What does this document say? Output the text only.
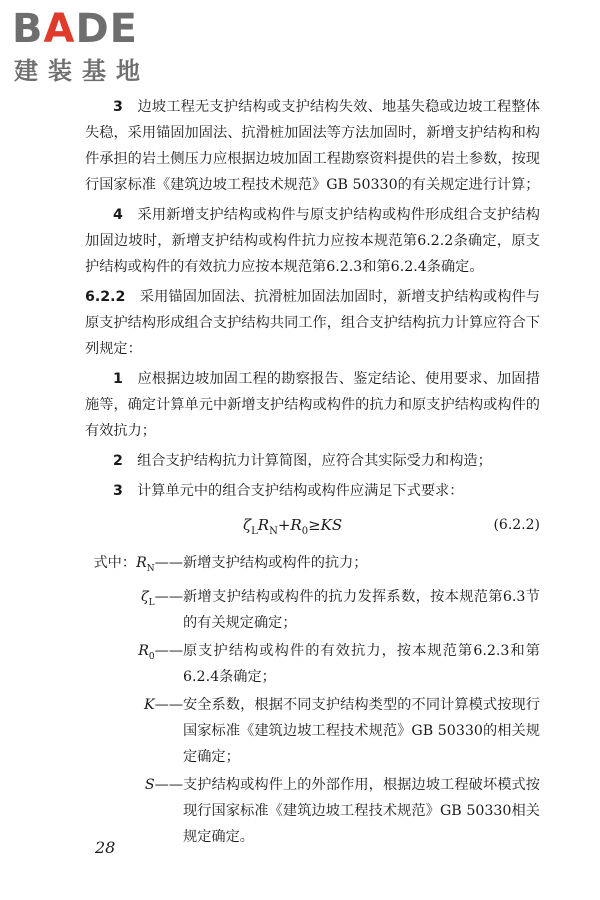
BADE
建装基地

3　 边坡工程无支护结构或支护结构失效、地基失稳或边坡工程整体失稳，采用锚固加固法、抗滑桩加固法等方法加固时，新增支护结构和构件承担的岩土侧压力应根据边坡加固工程勘察资料提供的岩土参数，按现行国家标准《建筑边坡工程技术规范》GB 50330的有关规定进行计算；

4　 采用新增支护结构或构件与原支护结构或构件形成组合支护结构加固边坡时，新增支护结构或构件抗力应按本规范第6.2.2条确定，原支护结构或构件的有效抗力应按本规范第6.2.3和第6.2.4条确定。

6.2.2　 采用锚固加固法、抗滑桩加固法加固时，新增支护结构或构件与原支护结构形成组合支护结构共同工作，组合支护结构抗力计算应符合下列规定：

1　 应根据边坡加固工程的勘察报告、鉴定结论、使用要求、加固措施等，确定计算单元中新增支护结构或构件的抗力和原支护结构或构件的有效抗力；

2　 组合支护结构抗力计算简图，应符合其实际受力和构造；

3　 计算单元中的组合支护结构或构件应满足下式要求：

$\zeta_LR_N+R_0\ge KS$	(6.2.2)
式中：$R_N——$ 新增支护结构或构件的抗力；
$\zeta_L——$ 新增支护结构或构件的抗力发挥系数，按本规范第6.3节的有关规定确定；
$R_0——$ 原支护结构或构件的有效抗力，按本规范第6.2.3和第6.2.4条确定；
K—— 安全系数，根据不同支护结构类型的不同计算模式按现行国家标准《建筑边坡工程技术规范》GB 50330的相关规定确定；
S—— 支护结构或构件上的外部作用，根据边坡工程破坏模式按现行国家标准《建筑边坡工程技术规范》GB 50330相关规定确定。
28
